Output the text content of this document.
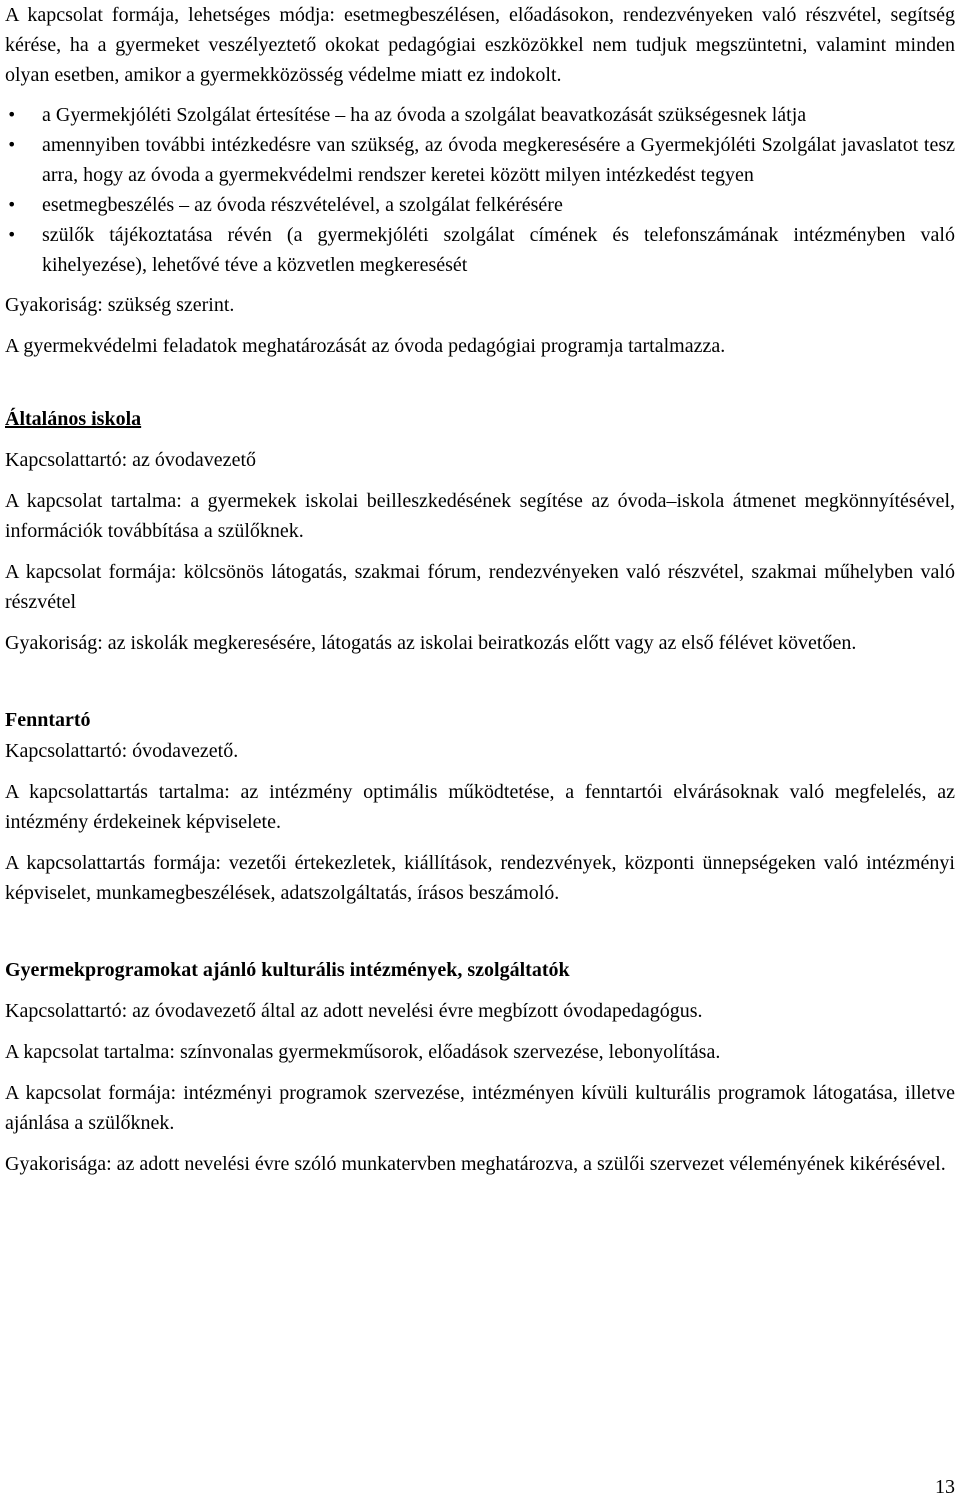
A kapcsolat formája, lehetséges módja: esetmegbeszélésen, előadásokon, rendezvényeken való részvétel, segítség kérése, ha a gyermeket veszélyeztető okokat pedagógiai eszközökkel nem tudjuk megszüntetni, valamint minden olyan esetben, amikor a gyermekközösség védelme miatt ez indokolt.

• a Gyermekjóléti Szolgálat értesítése – ha az óvoda a szolgálat beavatkozását szükségesnek látja
• amennyiben további intézkedésre van szükség, az óvoda megkeresésére a Gyermekjóléti Szolgálat javaslatot tesz arra, hogy az óvoda a gyermekvédelmi rendszer keretei között milyen intézkedést tegyen
• esetmegbeszélés – az óvoda részvételével, a szolgálat felkérésére
• szülők tájékoztatása révén (a gyermekjóléti szolgálat címének és telefonszámának intézményben való kihelyezése), lehetővé téve a közvetlen megkeresését

Gyakoriság: szükség szerint.

A gyermekvédelmi feladatok meghatározását az óvoda pedagógiai programja tartalmazza.

Általános iskola

Kapcsolattartó: az óvodavezető

A kapcsolat tartalma: a gyermekek iskolai beilleszkedésének segítése az óvoda–iskola átmenet megkönnyítésével, információk továbbítása a szülőknek.

A kapcsolat formája: kölcsönös látogatás, szakmai fórum, rendezvényeken való részvétel, szakmai műhelyben való részvétel

Gyakoriság: az iskolák megkeresésére, látogatás az iskolai beiratkozás előtt vagy az első félévet követően.

Fenntartó

Kapcsolattartó: óvodavezető.

A kapcsolattartás tartalma: az intézmény optimális működtetése, a fenntartói elvárásoknak való megfelelés, az intézmény érdekeinek képviselete.

A kapcsolattartás formája: vezetői értekezletek, kiállítások, rendezvények, központi ünnepségeken való intézményi képviselet, munkamegbeszélések, adatszolgáltatás, írásos beszámoló.

Gyermekprogramokat ajánló kulturális intézmények, szolgáltatók

Kapcsolattartó: az óvodavezető által az adott nevelési évre megbízott óvodapedagógus.

A kapcsolat tartalma: színvonalas gyermekműsorok, előadások szervezése, lebonyolítása.

A kapcsolat formája: intézményi programok szervezése, intézményen kívüli kulturális programok látogatása, illetve ajánlása a szülőknek.

Gyakorisága: az adott nevelési évre szóló munkatervben meghatározva, a szülői szervezet véleményének kikérésével.

13
